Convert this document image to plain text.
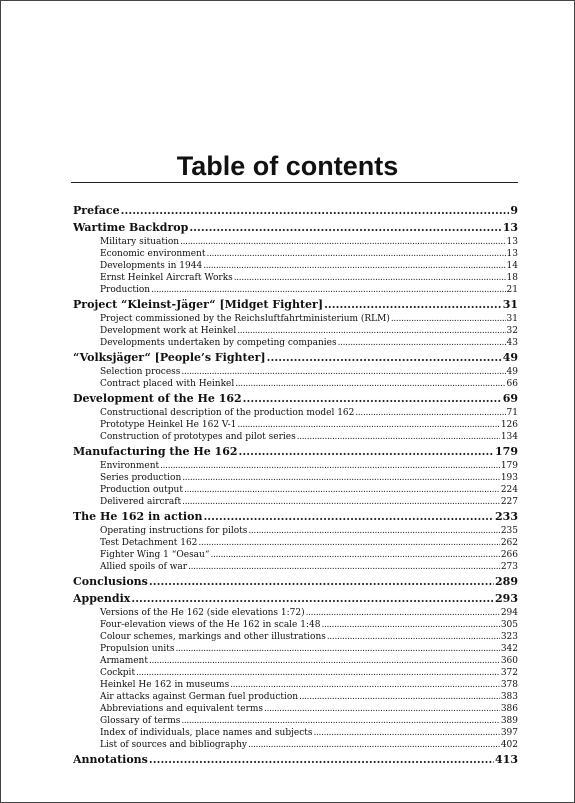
Table of contents
Preface . . .	9
Wartime Backdrop . . .	13
Military situation . . .	13
Economic environment . . .	13
Developments in 1944 . . .	14
Ernst Heinkel Aircraft Works . . .	18
Production . . .	21
Project “Kleinst-Jäger“ [Midget Fighter] . . .	31
Project commissioned by the Reichsluftfahrtministerium (RLM) . . .	31
Development work at Heinkel . . .	32
Developments undertaken by competing companies . . .	43
“Volksjäger“ [People’s Fighter] . . .	49
Selection process . . .	49
Contract placed with Heinkel . . .	66
Development of the He 162 . . .	69
Constructional description of the production model 162 . . .	71
Prototype Heinkel He 162 V-1 . . .	126
Construction of prototypes and pilot series . . .	134
Manufacturing the He 162 . . .	179
Environment . . .	179
Series production . . .	193
Production output . . .	224
Delivered aircraft . . .	227
The He 162 in action . . .	233
Operating instructions for pilots . . .	235
Test Detachment 162 . . .	262
Fighter Wing 1 “Oesau“ . . .	266
Allied spoils of war . . .	273
Conclusions . . .	289
Appendix . . .	293
Versions of the He 162 (side elevations 1:72) . . .	294
Four-elevation views of the He 162 in scale 1:48 . . .	305
Colour schemes, markings and other illustrations . . .	323
Propulsion units . . .	342
Armament . . .	360
Cockpit . . .	372
Heinkel He 162 in museums . . .	378
Air attacks against German fuel production . . .	383
Abbreviations and equivalent terms . . .	386
Glossary of terms . . .	389
Index of individuals, place names and subjects . . .	397
List of sources and bibliography . . .	402
Annotations . . .	413
